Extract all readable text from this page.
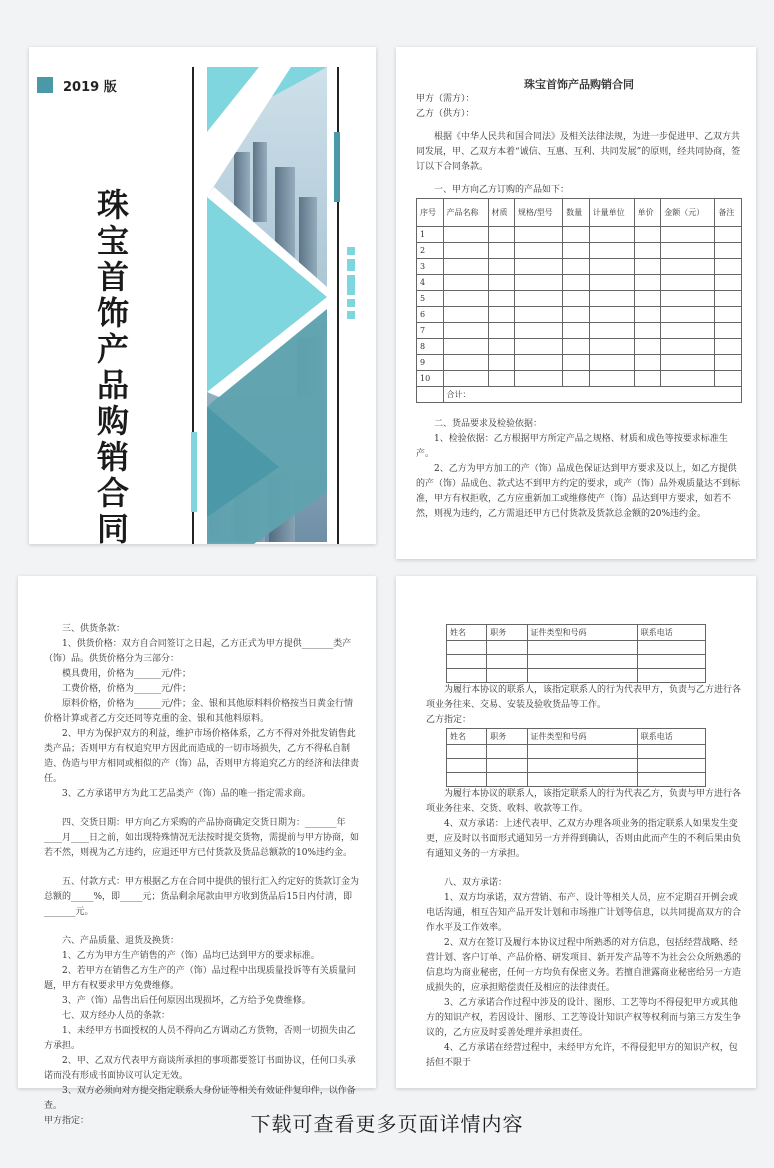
2019 版
珠宝首饰产品购销合同

珠宝首饰产品购销合同

甲方（需方）：

乙方（供方）：

根据《中华人民共和国合同法》及相关法律法规，为进一步促进甲、乙双方共同发展，甲、乙双方本着“诚信、互惠、互利、共同发展”的原则，经共同协商，签订以下合同条款。

一、甲方向乙方订购的产品如下：

序号	产品名称	材质	规格/型号	数量	计量单位	单价	金额（元）	备注
1								
2								
3								
4								
5								
6								
7								
8								
9								
10								
	合计：							

二、货品要求及检验依据：

1、检验依据：乙方根据甲方所定产品之规格、材质和成色等按要求标准生产。

2、乙方为甲方加工的产（饰）品成色保证达到甲方要求及以上，如乙方提供的产（饰）品成色、款式达不到甲方约定的要求，或产（饰）品外观质量达不到标准，甲方有权拒收，乙方应重新加工或维修使产（饰）品达到甲方要求，如若不然，则视为违约，乙方需退还甲方已付货款及货款总金额的20%违约金。

三、供货条款：

1、供货价格：双方自合同签订之日起，乙方正式为甲方提供_______类产（饰）品。供货价格分为三部分：

模具费用，价格为______元/件；

工费价格，价格为______元/件；

原料价格，价格为______元/件；金、银和其他原料料价格按当日黄金行情价格计算或者乙方交还同等克重的金、银和其他料原料。

2、甲方为保护双方的利益，维护市场价格体系，乙方不得对外批发销售此类产品；否则甲方有权追究甲方因此而造成的一切市场损失，乙方不得私自制造、伪造与甲方相同或相似的产（饰）品，否则甲方将追究乙方的经济和法律责任。

3、乙方承诺甲方为此工艺品类产（饰）品的唯一指定需求商。

四、交货日期：甲方向乙方采购的产品协商确定交货日期为：_______年____月____日之前，如出现特殊情况无法按时提交货物，需提前与甲方协商，如若不然，则视为乙方违约，应退还甲方已付货款及货品总额款的10%违约金。

五、付款方式：甲方根据乙方在合同中提供的银行汇入约定好的货款订金为总额的_____%，即_____元；货品剩余尾款由甲方收到货品后15日内付清，即_______元。

六、产品质量、退货及换货：

1、乙方为甲方生产销售的产（饰）品均已达到甲方的要求标准。

2、若甲方在销售乙方生产的产（饰）品过程中出现质量投诉等有关质量问题，甲方有权要求甲方免费维修。

3、产（饰）品售出后任何原因出现损坏，乙方给予免费维修。

七、双方经办人员的条款：

1、未经甲方书面授权的人员不得向乙方调动乙方货物，否则一切损失由乙方承担。

2、甲、乙双方代表甲方商谈所承担的事项都要签订书面协议，任何口头承诺而没有形成书面协议可认定无效。

3、双方必须向对方提交指定联系人身份证等相关有效证件复印件，以作备查。

甲方指定：

姓名	职务	证件类型和号码	联系电话

为履行本协议的联系人，该指定联系人的行为代表甲方，负责与乙方进行各项业务往来、交易、安装及验收货品等工作。

乙方指定：

姓名	职务	证件类型和号码	联系电话

为履行本协议的联系人，该指定联系人的行为代表乙方，负责与甲方进行各项业务往来、交货、收料、收款等工作。

4、双方承诺：上述代表甲、乙双方办理各项业务的指定联系人如果发生变更，应及时以书面形式通知另一方并得到确认，否则由此而产生的不利后果由负有通知义务的一方承担。

八、双方承诺：

1、双方均承诺，双方营销、布产、设计等相关人员，应不定期召开例会或电话沟通，相互告知产品开发计划和市场推广计划等信息，以共同提高双方的合作水平及工作效率。

2、双方在签订及履行本协议过程中所熟悉的对方信息，包括经营战略、经营计划、客户订单、产品价格、研发项目、新开发产品等不为社会公众所熟悉的信息均为商业秘密，任何一方均负有保密义务。若擅自泄露商业秘密给另一方造成损失的，应承担赔偿责任及相应的法律责任。

3、乙方承诺合作过程中涉及的设计、图形、工艺等均不得侵犯甲方或其他方的知识产权，若因设计、图形、工艺等设计知识产权等权利而与第三方发生争议的，乙方应及时妥善处理并承担责任。

4、乙方承诺在经营过程中，未经甲方允许，不得侵犯甲方的知识产权，包括但不限于

下载可查看更多页面详情内容
